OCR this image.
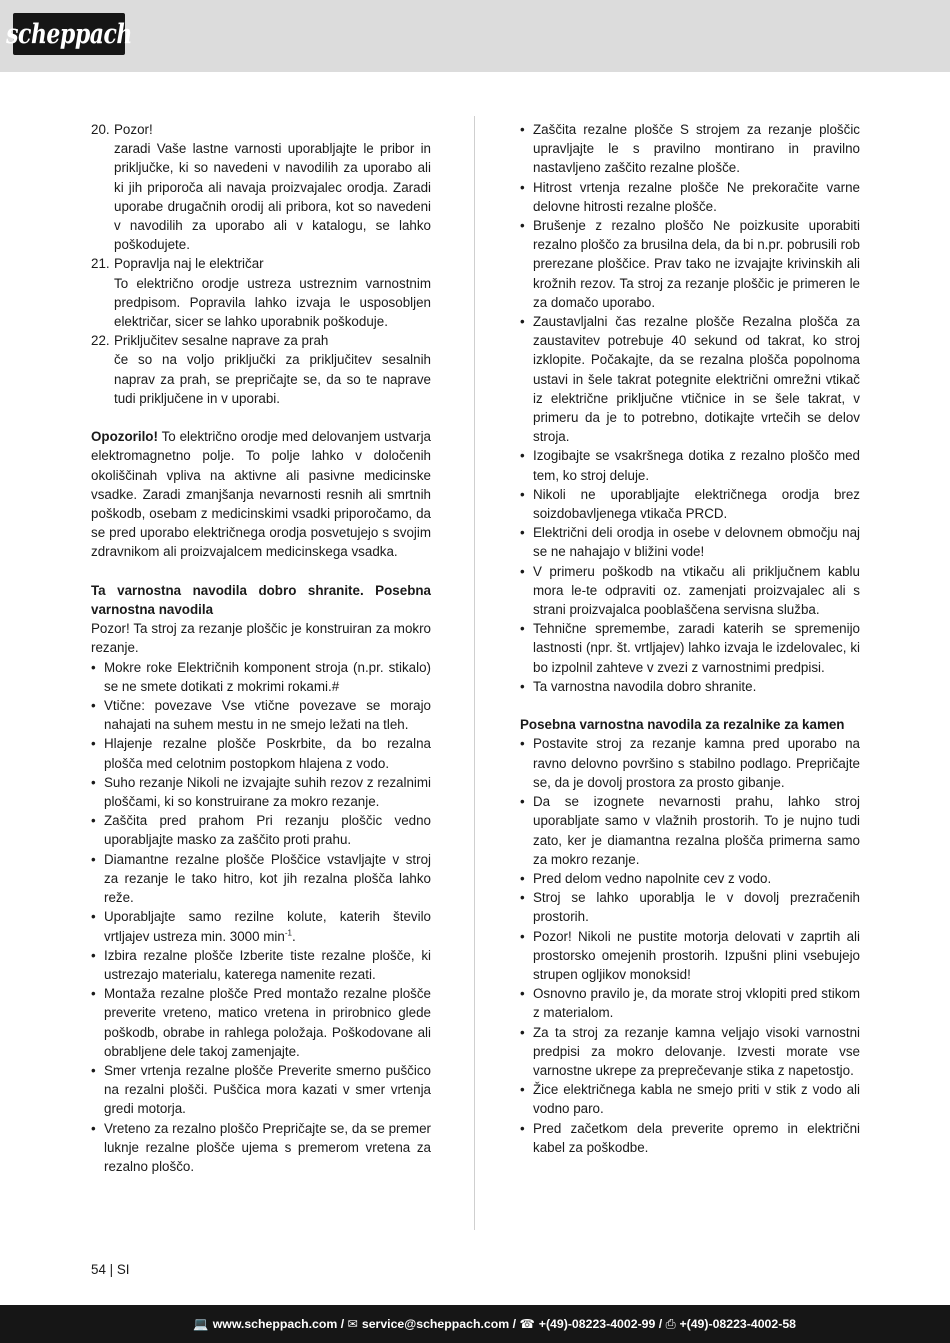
scheppach
20. Pozor!
zaradi Vaše lastne varnosti uporabljajte le pribor in priključke, ki so navedeni v navodilih za uporabo ali ki jih priporoča ali navaja proizvajalec orodja. Zaradi uporabe drugačnih orodij ali pribora, kot so navedeni v navodilih za uporabo ali v katalogu, se lahko poškodujete.
21. Popravlja naj le električar
To električno orodje ustreza ustreznim varnostnim predpisom. Popravila lahko izvaja le usposobljen električar, sicer se lahko uporabnik poškoduje.
22. Priključitev sesalne naprave za prah
če so na voljo priključki za priključitev sesalnih naprav za prah, se prepričajte se, da so te naprave tudi priključene in v uporabi.

Opozorilo! To električno orodje med delovanjem ustvarja elektromagnetno polje. To polje lahko v določenih okoliščinah vpliva na aktivne ali pasivne medicinske vsadke. Zaradi zmanjšanja nevarnosti resnih ali smrtnih poškodb, osebam z medicinskimi vsadki priporočamo, da se pred uporabo električnega orodja posvetujejo s svojim zdravnikom ali proizvajalcem medicinskega vsadka.

Ta varnostna navodila dobro shranite. Posebna varnostna navodila
Pozor! Ta stroj za rezanje ploščic je konstruiran za mokro rezanje.
• Mokre roke Električnih komponent stroja (n.pr. stikalo) se ne smete dotikati z mokrimi rokami.#
• Vtične: povezave Vse vtične povezave se morajo nahajati na suhem mestu in ne smejo ležati na tleh.
• Hlajenje rezalne plošče Poskrbite, da bo rezalna plošča med celotnim postopkom hlajena z vodo.
• Suho rezanje Nikoli ne izvajajte suhih rezov z rezalnimi ploščami, ki so konstruirane za mokro rezanje.
• Zaščita pred prahom Pri rezanju ploščic vedno uporabljajte masko za zaščito proti prahu.
• Diamantne rezalne plošče Ploščice vstavljajte v stroj za rezanje le tako hitro, kot jih rezalna plošča lahko reže.
• Uporabljajte samo rezilne kolute, katerih število vrtljajev ustreza min. 3000 $\min^{-1}$.
• Izbira rezalne plošče Izberite tiste rezalne plošče, ki ustrezajo materialu, katerega namenite rezati.
• Montaža rezalne plošče Pred montažo rezalne plošče preverite vreteno, matico vretena in prirobnico glede poškodb, obrabe in rahlega položaja. Poškodovane ali obrabljene dele takoj zamenjajte.
• Smer vrtenja rezalne plošče Preverite smerno puščico na rezalni plošči. Puščica mora kazati v smer vrtenja gredi motorja.
• Vreteno za rezalno ploščo Prepričajte se, da se premer luknje rezalne plošče ujema s premerom vretena za rezalno ploščo.
• Zaščita rezalne plošče S strojem za rezanje ploščic upravljajte le s pravilno montirano in pravilno nastavljeno zaščito rezalne plošče.
• Hitrost vrtenja rezalne plošče Ne prekoračite varne delovne hitrosti rezalne plošče.
• Brušenje z rezalno ploščo Ne poizkusite uporabiti rezalno ploščo za brusilna dela, da bi n.pr. pobrusili rob prerezane ploščice. Prav tako ne izvajajte krivinskih ali krožnih rezov. Ta stroj za rezanje ploščic je primeren le za domačo uporabo.
• Zaustavljalni čas rezalne plošče Rezalna plošča za zaustavitev potrebuje 40 sekund od takrat, ko stroj izklopite. Počakajte, da se rezalna plošča popolnoma ustavi in šele takrat potegnite električni omrežni vtikač iz električne priključne vtičnice in se šele takrat, v primeru da je to potrebno, dotikajte vrtečih se delov stroja.
• Izogibajte se vsakršnega dotika z rezalno ploščo med tem, ko stroj deluje.
• Nikoli ne uporabljajte električnega orodja brez soizdobavljenega vtikača PRCD.
• Električni deli orodja in osebe v delovnem območju naj se ne nahajajo v bližini vode!
• V primeru poškodb na vtikaču ali priključnem kablu mora le-te odpraviti oz. zamenjati proizvajalec ali s strani proizvajalca pooblaščena servisna služba.
• Tehnične spremembe, zaradi katerih se spremenijo lastnosti (npr. št. vrtljajev) lahko izvaja le izdelovalec, ki bo izpolnil zahteve v zvezi z varnostnimi predpisi.
• Ta varnostna navodila dobro shranite.
Posebna varnostna navodila za rezalnike za kamen
• Postavite stroj za rezanje kamna pred uporabo na ravno delovno površino s stabilno podlago. Prepričajte se, da je dovolj prostora za prosto gibanje.
• Da se izognete nevarnosti prahu, lahko stroj uporabljate samo v vlažnih prostorih. To je nujno tudi zato, ker je diamantna rezalna plošča primerna samo za mokro rezanje.
• Pred delom vedno napolnite cev z vodo.
• Stroj se lahko uporablja le v dovolj prezračenih prostorih.
• Pozor! Nikoli ne pustite motorja delovati v zaprtih ali prostorsko omejenih prostorih. Izpušni plini vsebujejo strupen ogljikov monoksid!
• Osnovno pravilo je, da morate stroj vklopiti pred stikom z materialom.
• Za ta stroj za rezanje kamna veljajo visoki varnostni predpisi za mokro delovanje. Izvesti morate vse varnostne ukrepe za preprečevanje stika z napetostjo.
• Žice električnega kabla ne smejo priti v stik z vodo ali vodno paro.
• Pred začetkom dela preverite opremo in električni kabel za poškodbe.
54 | SI
💻 www.scheppach.com / ✉ service@scheppach.com / ☎ +(49)-08223-4002-99 / ⎙ +(49)-08223-4002-58
